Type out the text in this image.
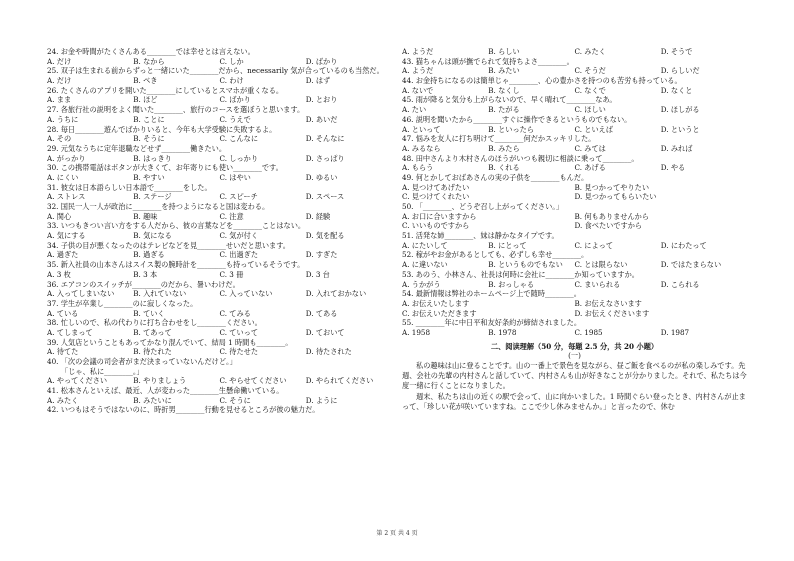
24. お金や時間がたくさんある________では幸せとは言えない。
A. だけ	B. なから	C. しか	D. ばかり
25. 双子は生まれる前からずっと一緒にいた________だから、necessarily 気が合っているのも当然だ。
A. だけ	B. べき	C. わけ	D. はず
26. たくさんのアプリを開いた________にしているとスマホが重くなる。
A. まま	B. ほど	C. ばかり	D. とおり
27. 各旅行社の説明をよく聞いた________、旅行のコースを選ぼうと思います。
A. うちに	B. ことに	C. うえで	D. あいだ
28. 毎日________遊んでばかりいると、今年も大学受験に失敗するよ。
A. その	B. そうに	C. こんなに	D. そんなに
29. 元気なうちに定年退職などせず________働きたい。
A. がっかり	B. はっきり	C. しっかり	D. さっぱり
30. この携帯電話はボタンが大きくて、お年寄りにも使い________です。
A. にくい	B. やすい	C. はやい	D. ゆるい
31. 彼女は日本語らしい日本語で________をした。
A. ストレス	B. ステージ	C. スピーチ	D. スペース
32. 国民一人一人が政治に________を持つようになると国は変わる。
A. 関心	B. 趣味	C. 注意	D. 経験
33. いつもきつい言い方をする人だから、彼の言葉などを________ことはない。
A. 気にする	B. 気になる	C. 気が付く	D. 気を配る
34. 子供の目が悪くなったのはテレビなどを見________せいだと思います。
A. 過ぎた	B. 過ぎる	C. 出過ぎた	D. すぎた
35. 新入社員の山本さんはスイス製の腕時計を________も持っているそうです。
A. 3 枚	B. 3 本	C. 3 冊	D. 3 台
36. エアコンのスイッチが________のだから、暑いわけだ。
A. 入ってしまいない	B. 入れていない	C. 入っていない	D. 入れておかない
37. 学生が卒業し________のに寂しくなった。
A. ている	B. ていく	C. てみる	D. てある
38. 忙しいので、私の代わりに打ち合わせをし________ください。
A. てしまって	B. てあって	C. ていって	D. ておいて
39. 人気店ということもあってかなり混んでいて、結局 1 時間も________。
A. 待てた	B. 待たれた	C. 待たせた	D. 待たされた
40. 「次の会議の司会者がまだ決まっていないんだけど。」
「じゃ、私に________。」
A. やってください	B. やりましょう	C. やらせてください	D. やられてください
41. 松本さんといえば、最近、人が変わった________生懸命働いている。
A. みたく	B. みたいに	C. そうに	D. ように
42. いつもはそうではないのに、時折男________行動を見せるところが彼の魅力だ。
A. ようだ	B. らしい	C. みたく	D. そうで
43. 猫ちゃんは頭が撫でられて気持ちよさ________。
A. ようだ	B. みたい	C. そうだ	D. らしいだ
44. お金持ちになるのは簡単じゃ________、心の豊かさを持つのも苦労も持っている。
A. ないで	B. なくし	C. なくで	D. なくと
45. 雨が降ると気分も上がらないので、早く晴れて________なあ。
A. たい	B. たがる	C. ほしい	D. ほしがる
46. 説明を聞いたから________すぐに操作できるというものでもない。
A. といって	B. といったら	C. といえば	D. というと
47. 悩みを友人に打ち明けて________何だかスッキリした。
A. みるなら	B. みたら	C. みては	D. みれば
48. 田中さんより木村さんのほうがいつも親切に相談に乗って________。
A. もらう	B. くれる	C. あげる	D. やる
49. 何とかしておばあさんの実の子供を________もんだ。
A. 見つけてあげたい	B. 見つかってやりたい
C. 見つけてくれたい	D. 見つかってもらいたい
50. 「________、どうぞ召し上がってください。」
A. お口に合いますから	B. 何もありませんから
C. いいものですから	D. 食べたいですから
51. 活発な姉________、妹は静かなタイプです。
A. にたいして	B. にとって	C. によって	D. にわたって
52. 稼がやお金があるとしても、必ずしも幸せ________。
A. に違いない	B. というものでもない	C. とは限らない	D. ではたまらない
53. あのう、小林さん、社長は何時に会社に________か知っていますか。
A. うかがう	B. おっしゃる	C. まいられる	D. こられる
54. 最新情報は弊社のホームページ上で随時________。
A. お伝えいたします	B. お伝えなさいます
C. お伝えいただきます	D. お伝えくださいます
55. ________年に中日平和友好条約が締結されました。
A. 1958	B. 1978	C. 1985	D. 1987
二、阅读理解（50 分，每题 2.5 分，共 20 小题）
(一)
私の趣味は山に登ることです。山の一番上で景色を見ながら、昼ご飯を食べるのが私の楽しみです。先週、会社の先輩の内村さんと話していて、内村さんも山が好きなことが分かりました。それで、私たちは今度一緒に行くことになりました。
週末、私たちは山の近くの駅で会って、山に向かいました。1 時間ぐらい登ったとき、内村さんが止まって、「珍しい花が咲いていますね。ここで少し休みませんか。」と言ったので、休む
第 2 页 共 4 页
